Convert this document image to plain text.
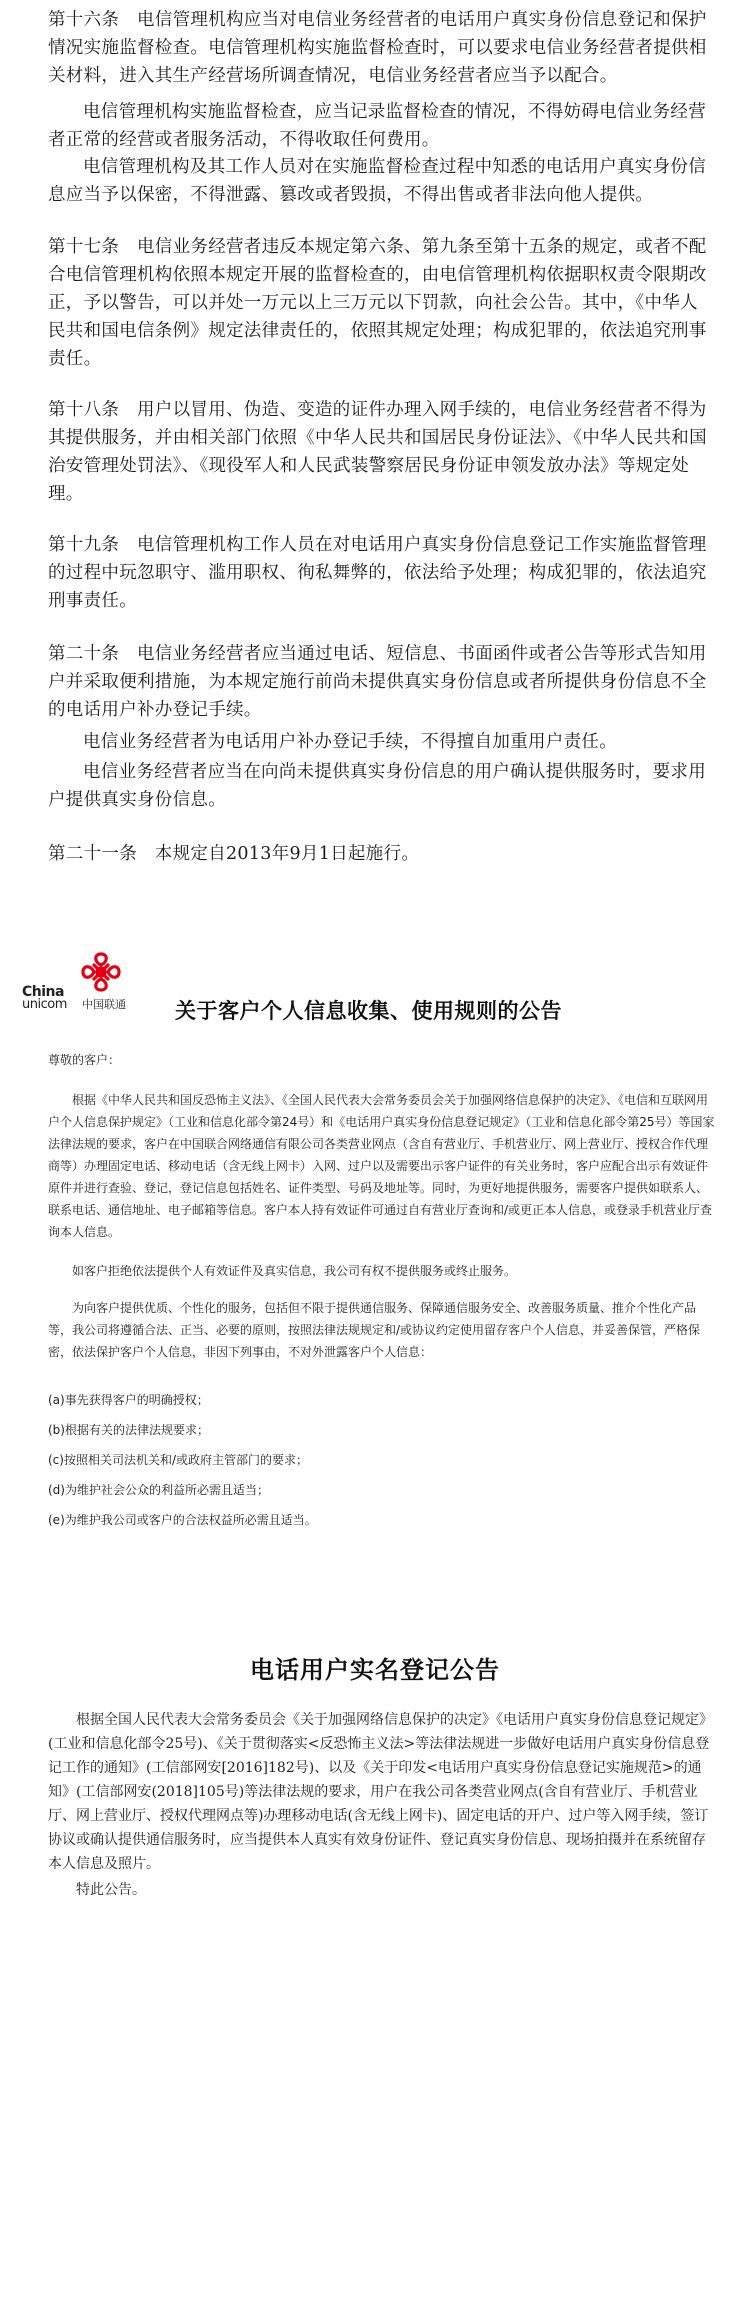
第十六条　电信管理机构应当对电信业务经营者的电话用户真实身份信息登记和保护情况实施监督检查。电信管理机构实施监督检查时，可以要求电信业务经营者提供相关材料，进入其生产经营场所调查情况，电信业务经营者应当予以配合。

电信管理机构实施监督检查，应当记录监督检查的情况，不得妨碍电信业务经营者正常的经营或者服务活动，不得收取任何费用。

电信管理机构及其工作人员对在实施监督检查过程中知悉的电话用户真实身份信息应当予以保密，不得泄露、篡改或者毁损，不得出售或者非法向他人提供。

第十七条　电信业务经营者违反本规定第六条、第九条至第十五条的规定，或者不配合电信管理机构依照本规定开展的监督检查的，由电信管理机构依据职权责令限期改正，予以警告，可以并处一万元以上三万元以下罚款，向社会公告。其中，《中华人民共和国电信条例》规定法律责任的，依照其规定处理；构成犯罪的，依法追究刑事责任。

第十八条　用户以冒用、伪造、变造的证件办理入网手续的，电信业务经营者不得为其提供服务，并由相关部门依照《中华人民共和国居民身份证法》、《中华人民共和国治安管理处罚法》、《现役军人和人民武装警察居民身份证申领发放办法》等规定处理。

第十九条　电信管理机构工作人员在对电话用户真实身份信息登记工作实施监督管理的过程中玩忽职守、滥用职权、徇私舞弊的，依法给予处理；构成犯罪的，依法追究刑事责任。

第二十条　电信业务经营者应当通过电话、短信息、书面函件或者公告等形式告知用户并采取便利措施，为本规定施行前尚未提供真实身份信息或者所提供身份信息不全的电话用户补办登记手续。

电信业务经营者为电话用户补办登记手续，不得擅自加重用户责任。

电信业务经营者应当在向尚未提供真实身份信息的用户确认提供服务时，要求用户提供真实身份信息。

第二十一条　本规定自2013年9月1日起施行。

China
unicom 中国联通 关于客户个人信息收集、使用规则的公告

尊敬的客户：

根据《中华人民共和国反恐怖主义法》、《全国人民代表大会常务委员会关于加强网络信息保护的决定》、《电信和互联网用户个人信息保护规定》（工业和信息化部令第24号）和《电话用户真实身份信息登记规定》（工业和信息化部令第25号）等国家法律法规的要求，客户在中国联合网络通信有限公司各类营业网点（含自有营业厅、手机营业厅、网上营业厅、授权合作代理商等）办理固定电话、移动电话（含无线上网卡）入网、过户以及需要出示客户证件的有关业务时，客户应配合出示有效证件原件并进行查验、登记，登记信息包括姓名、证件类型、号码及地址等。同时，为更好地提供服务，需要客户提供如联系人、联系电话、通信地址、电子邮箱等信息。客户本人持有效证件可通过自有营业厅查询和/或更正本人信息，或登录手机营业厅查询本人信息。

如客户拒绝依法提供个人有效证件及真实信息，我公司有权不提供服务或终止服务。

为向客户提供优质、个性化的服务，包括但不限于提供通信服务、保障通信服务安全、改善服务质量、推介个性化产品等，我公司将遵循合法、正当、必要的原则，按照法律法规规定和/或协议约定使用留存客户个人信息，并妥善保管，严格保密，依法保护客户个人信息，非因下列事由，不对外泄露客户个人信息：

(a)事先获得客户的明确授权；

(b)根据有关的法律法规要求；

(c)按照相关司法机关和/或政府主管部门的要求；

(d)为维护社会公众的利益所必需且适当；

(e)为维护我公司或客户的合法权益所必需且适当。

电话用户实名登记公告

根据全国人民代表大会常务委员会《关于加强网络信息保护的决定》《电话用户真实身份信息登记规定》(工业和信息化部令25号)、《关于贯彻落实<反恐怖主义法>等法律法规进一步做好电话用户真实身份信息登记工作的通知》(工信部网安[2016]182号)、以及《关于印发<电话用户真实身份信息登记实施规范>的通知》(工信部网安(2018]105号)等法律法规的要求，用户在我公司各类营业网点(含自有营业厅、手机营业厅、网上营业厅、授权代理网点等)办理移动电话(含无线上网卡)、固定电话的开户、过户等入网手续，签订协议或确认提供通信服务时，应当提供本人真实有效身份证件、登记真实身份信息、现场拍摄并在系统留存本人信息及照片。

特此公告。
